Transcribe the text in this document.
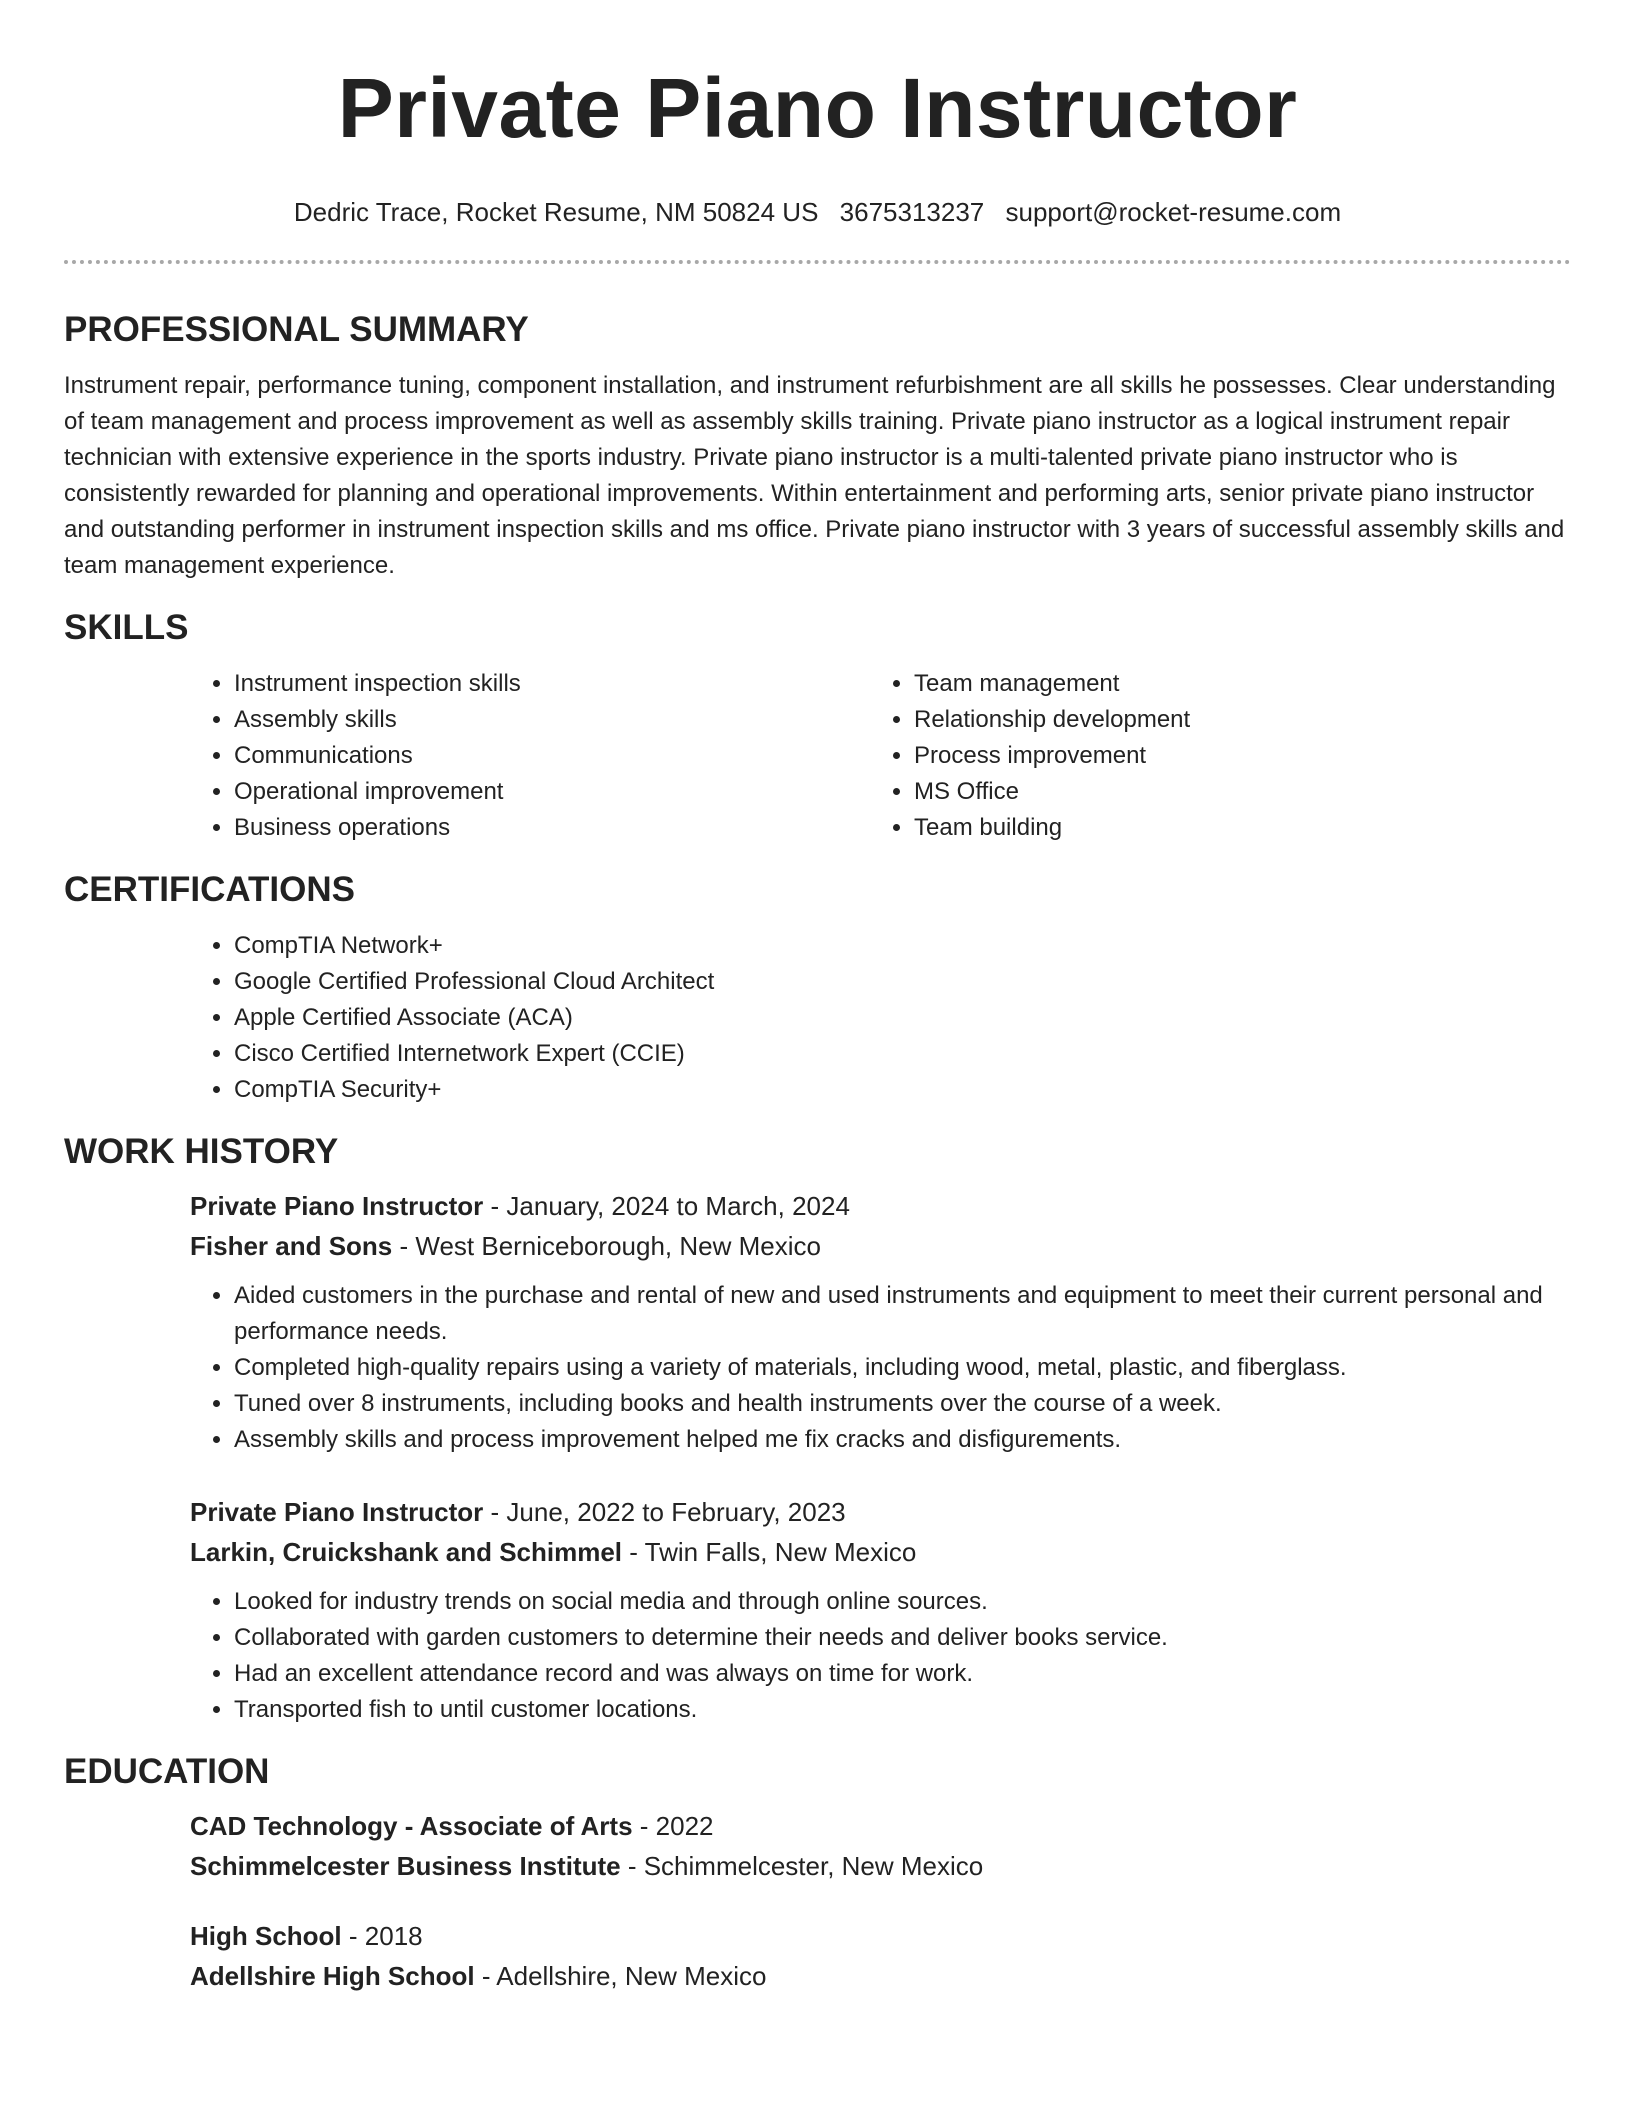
Private Piano Instructor
Dedric Trace, Rocket Resume, NM 50824 US 3675313237 support@rocket-resume.com
PROFESSIONAL SUMMARY

Instrument repair, performance tuning, component installation, and instrument refurbishment are all skills he possesses. Clear understanding of team management and process improvement as well as assembly skills training. Private piano instructor as a logical instrument repair technician with extensive experience in the sports industry. Private piano instructor is a multi-talented private piano instructor who is consistently rewarded for planning and operational improvements. Within entertainment and performing arts, senior private piano instructor and outstanding performer in instrument inspection skills and ms office. Private piano instructor with 3 years of successful assembly skills and team management experience.

SKILLS
• Instrument inspection skills
• Assembly skills
• Communications
• Operational improvement
• Business operations
• Team management
• Relationship development
• Process improvement
• MS Office
• Team building
CERTIFICATIONS
• CompTIA Network+
• Google Certified Professional Cloud Architect
• Apple Certified Associate (ACA)
• Cisco Certified Internetwork Expert (CCIE)
• CompTIA Security+
WORK HISTORY
Private Piano Instructor - January, 2024 to March, 2024
Fisher and Sons - West Berniceborough, New Mexico
• Aided customers in the purchase and rental of new and used instruments and equipment to meet their current personal and performance needs.
• Completed high-quality repairs using a variety of materials, including wood, metal, plastic, and fiberglass.
• Tuned over 8 instruments, including books and health instruments over the course of a week.
• Assembly skills and process improvement helped me fix cracks and disfigurements.
Private Piano Instructor - June, 2022 to February, 2023
Larkin, Cruickshank and Schimmel - Twin Falls, New Mexico
• Looked for industry trends on social media and through online sources.
• Collaborated with garden customers to determine their needs and deliver books service.
• Had an excellent attendance record and was always on time for work.
• Transported fish to until customer locations.
EDUCATION
CAD Technology - Associate of Arts - 2022
Schimmelcester Business Institute - Schimmelcester, New Mexico
High School - 2018
Adellshire High School - Adellshire, New Mexico
